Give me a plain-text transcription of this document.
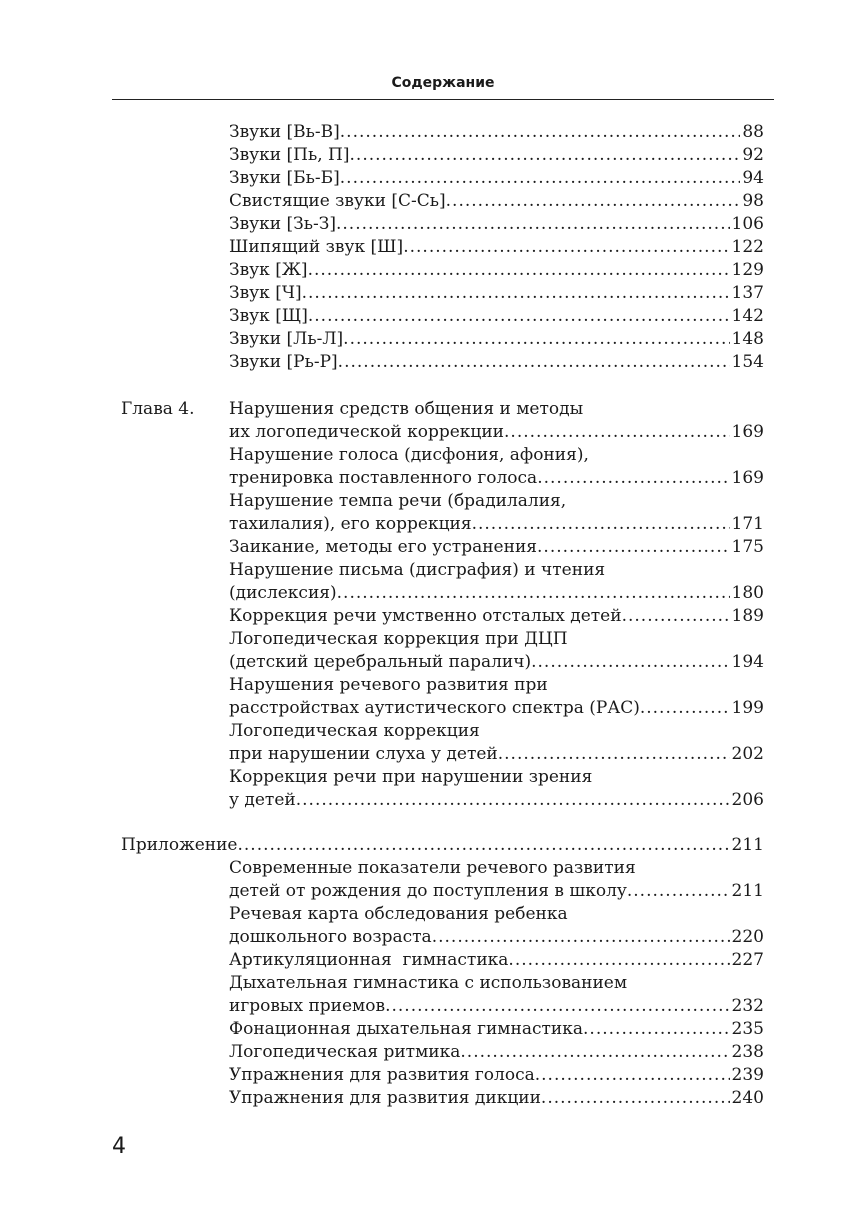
Содержание
Звуки [Вь-В] .....	88
Звуки [Пь, П] .....	92
Звуки [Бь-Б] .....	94
Свистящие звуки [С-Сь] .....	98
Звуки [Зь-З] .....	106
Шипящий звук [Ш] .....	122
Звук [Ж] .....	129
Звук [Ч] .....	137
Звук [Щ] .....	142
Звуки [Ль-Л] .....	148
Звуки [Рь-Р] .....	154
Глава 4. Нарушения средств общения и методы
их логопедической коррекции .....	169
Нарушение голоса (дисфония, афония),
тренировка поставленного голоса .....	169
Нарушение темпа речи (брадилалия,
тахилалия), его коррекция .....	171
Заикание, методы его устранения .....	175
Нарушение письма (дисграфия) и чтения
(дислексия) .....	180
Коррекция речи умственно отсталых детей .....	189
Логопедическая коррекция при ДЦП
(детский церебральный паралич) .....	194
Нарушения речевого развития при
расстройствах аутистического спектра (РАС) .....	199
Логопедическая коррекция
при нарушении слуха у детей .....	202
Коррекция речи при нарушении зрения
у детей .....	206
Приложение .....	211
Современные показатели речевого развития
детей от рождения до поступления в школу .....	211
Речевая карта обследования ребенка
дошкольного возраста .....	220
Артикуляционная  гимнастика .....	227
Дыхательная гимнастика с использованием
игровых приемов .....	232
Фонационная дыхательная гимнастика .....	235
Логопедическая ритмика .....	238
Упражнения для развития голоса .....	239
Упражнения для развития дикции .....	240
4
